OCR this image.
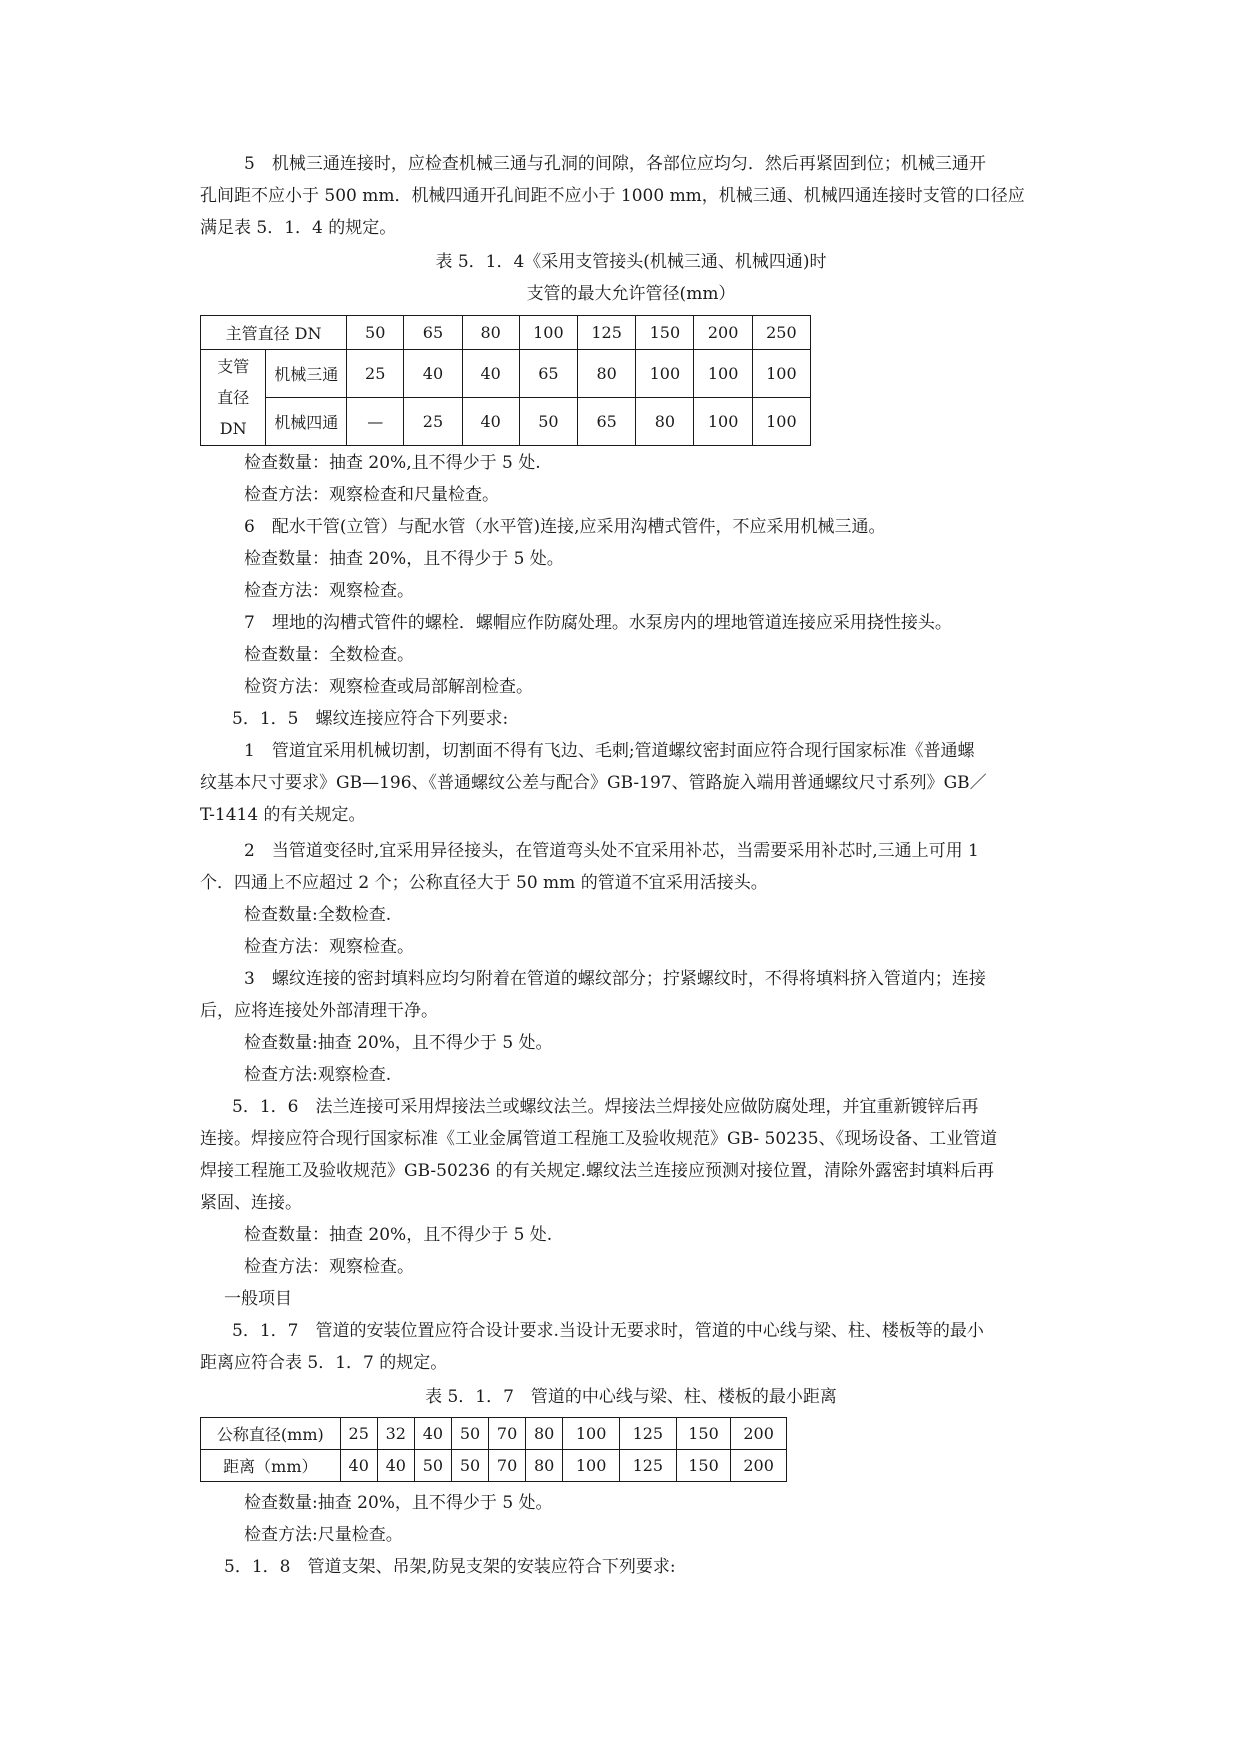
5　机械三通连接时，应检查机械三通与孔洞的间隙，各部位应均匀．然后再紧固到位；机械三通开
孔间距不应小于 500 mm．机械四通开孔间距不应小于 1000 mm，机械三通、机械四通连接时支管的口径应
满足表 5．1．4 的规定。
表 5．1．4《采用支管接头(机械三通、机械四通)时
支管的最大允许管径(mm）
主管直径 DN		50	65	80	100	125	150	200	250

支管
直径
DN	机械三通	25	40	40	65	80	100	100	100
	机械四通	—	25	40	50	65	80	100	100
检查数量：抽查 20%,且不得少于 5 处.
检查方法：观察检查和尺量检查。
6　配水干管(立管）与配水管（水平管)连接,应采用沟槽式管件，不应采用机械三通。
检查数量：抽查 20%，且不得少于 5 处。
检查方法：观察检查。
7　埋地的沟槽式管件的螺栓．螺帽应作防腐处理。水泵房内的埋地管道连接应采用挠性接头。
检查数量：全数检查。
检资方法：观察检查或局部解剖检查。
5．1．5　螺纹连接应符合下列要求:
1　管道宜采用机械切割，切割面不得有飞边、毛刺;管道螺纹密封面应符合现行国家标准《普通螺
纹基本尺寸要求》GB—196、《普通螺纹公差与配合》GB-197、管路旋入端用普通螺纹尺寸系列》GB／
T-1414 的有关规定。
2　当管道变径时,宜采用异径接头，在管道弯头处不宜采用补芯，当需要采用补芯时,三通上可用 1
个．四通上不应超过 2 个；公称直径大于 50 mm 的管道不宜采用活接头。
检查数量:全数检查.
检查方法：观察检查。
3　螺纹连接的密封填料应均匀附着在管道的螺纹部分；拧紧螺纹时，不得将填料挤入管道内；连接
后，应将连接处外部清理干净。
检查数量:抽查 20%，且不得少于 5 处。
检查方法:观察检查.
5．1．6　法兰连接可采用焊接法兰或螺纹法兰。焊接法兰焊接处应做防腐处理，并宜重新镀锌后再
连接。焊接应符合现行国家标准《工业金属管道工程施工及验收规范》GB- 50235、《现场设备、工业管道
焊接工程施工及验收规范》GB-50236 的有关规定.螺纹法兰连接应预测对接位置，清除外露密封填料后再
紧固、连接。
检查数量：抽查 20%，且不得少于 5 处.
检查方法：观察检查。
一般项目
5．1．7　管道的安装位置应符合设计要求.当设计无要求时，管道的中心线与梁、柱、楼板等的最小
距离应符合表 5．1．7 的规定。
表 5．1．7　管道的中心线与梁、柱、楼板的最小距离
公称直径(mm)	25	32	40	50	70	80	100	125	150	200
距离（mm）	40	40	50	50	70	80	100	125	150	200
检查数量:抽查 20%，且不得少于 5 处。
检查方法:尺量检查。
5．1．8　管道支架、吊架,防晃支架的安装应符合下列要求:
